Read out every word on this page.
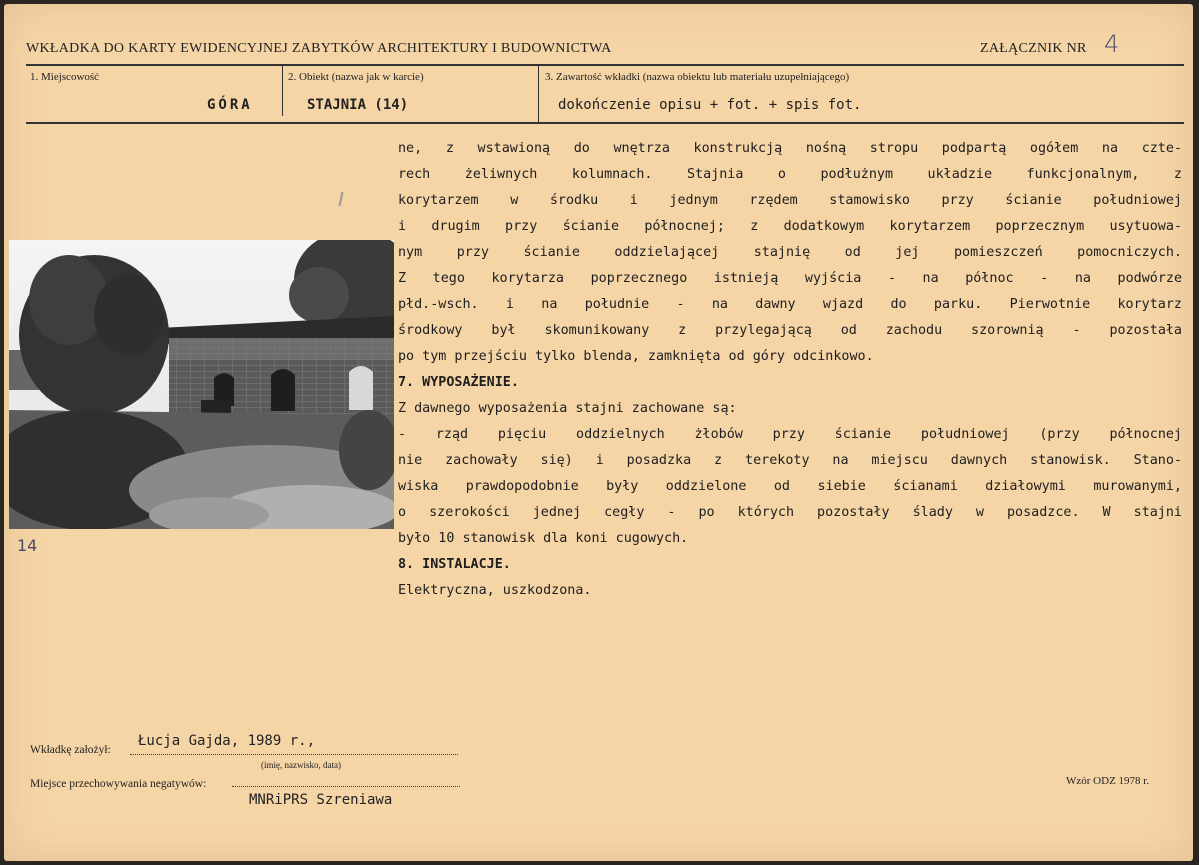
WKŁADKA DO KARTY EWIDENCYJNEJ ZABYTKÓW ARCHITEKTURY I BUDOWNICTWA	ZAŁĄCZNIK NR 4
1. Miejscowość
GÓRA
2. Obiekt (nazwa jak w karcie)
STAJNIA (14)
3. Zawartość wkładki (nazwa obiektu lub materiału uzupełniającego)
dokończenie opisu + fot. + spis fot.
14
ne, z wstawioną do wnętrza konstrukcją nośną stropu podpartą ogółem na czte-
rech żeliwnych kolumnach. Stajnia o podłużnym układzie funkcjonalnym, z
korytarzem w środku i jednym rzędem stamowisko przy ścianie południowej
i drugim przy ścianie północnej; z dodatkowym korytarzem poprzecznym usytuowa-
nym przy ścianie oddzielającej stajnię od jej pomieszczeń pomocniczych.
Z tego korytarza poprzecznego istnieją wyjścia - na północ - na podwórze
płd.-wsch. i na południe - na dawny wjazd do parku. Pierwotnie korytarz
środkowy był skomunikowany z przylegającą od zachodu szorownią - pozostała
po tym przejściu tylko blenda, zamknięta od góry odcinkowo.
7. WYPOSAŻENIE.
Z dawnego wyposażenia stajni zachowane są:
- rząd pięciu oddzielnych żłobów przy ścianie południowej (przy północnej
nie zachowały się) i posadzka z terekoty na miejscu dawnych stanowisk. Stano-
wiska prawdopodobnie były oddzielone od siebie ścianami działowymi murowanymi,
o szerokości jednej cegły - po których pozostały ślady w posadzce. W stajni
było 10 stanowisk dla koni cugowych.
8. INSTALACJE.
Elektryczna, uszkodzona.
Wkładkę założył:
Łucja Gajda, 1989 r.,
(imię, nazwisko, data)
Miejsce przechowywania negatywów:
MNRiPRS Szreniawa
Wzór ODZ 1978 r.
